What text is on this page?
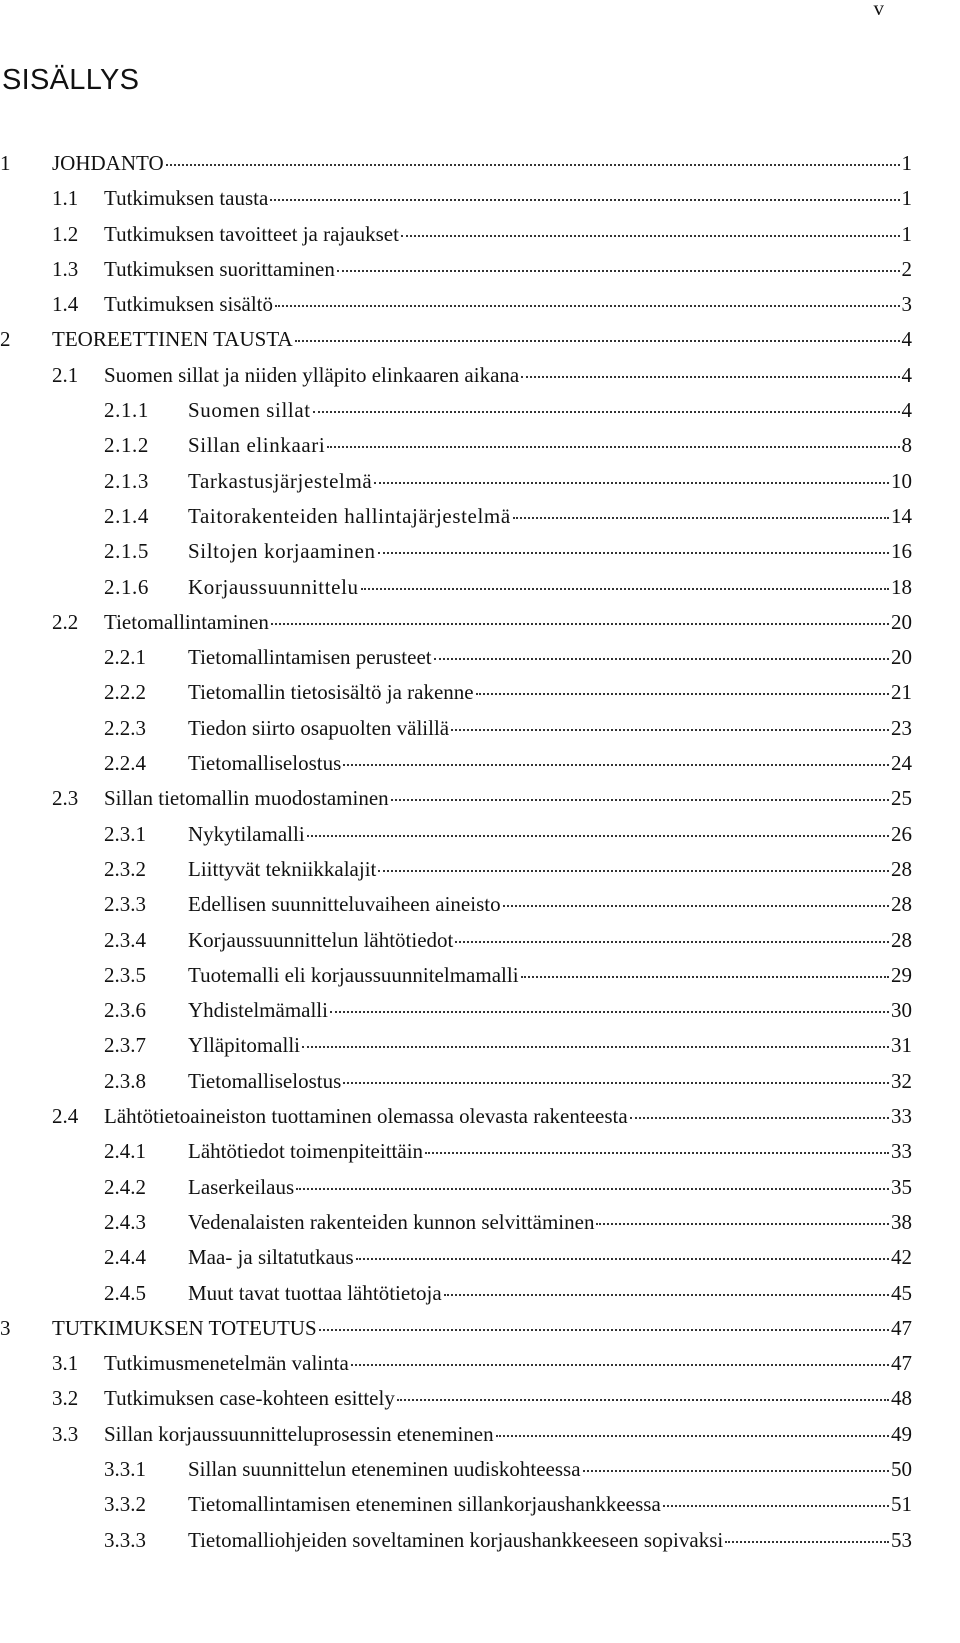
v
SISÄLLYS
1	JOHDANTO	1
1.1	Tutkimuksen tausta	1
1.2	Tutkimuksen tavoitteet ja rajaukset	1
1.3	Tutkimuksen suorittaminen	2
1.4	Tutkimuksen sisältö	3
2	TEOREETTINEN TAUSTA	4
2.1	Suomen sillat ja niiden ylläpito elinkaaren aikana	4
2.1.1	Suomen sillat	4
2.1.2	Sillan elinkaari	8
2.1.3	Tarkastusjärjestelmä	10
2.1.4	Taitorakenteiden hallintajärjestelmä	14
2.1.5	Siltojen korjaaminen	16
2.1.6	Korjaussuunnittelu	18
2.2	Tietomallintaminen	20
2.2.1	Tietomallintamisen perusteet	20
2.2.2	Tietomallin tietosisältö ja rakenne	21
2.2.3	Tiedon siirto osapuolten välillä	23
2.2.4	Tietomalliselostus	24
2.3	Sillan tietomallin muodostaminen	25
2.3.1	Nykytilamalli	26
2.3.2	Liittyvät tekniikkalajit	28
2.3.3	Edellisen suunnitteluvaiheen aineisto	28
2.3.4	Korjaussuunnittelun lähtötiedot	28
2.3.5	Tuotemalli eli korjaussuunnitelmamalli	29
2.3.6	Yhdistelmämalli	30
2.3.7	Ylläpitomalli	31
2.3.8	Tietomalliselostus	32
2.4	Lähtötietoaineiston tuottaminen olemassa olevasta rakenteesta	33
2.4.1	Lähtötiedot toimenpiteittäin	33
2.4.2	Laserkeilaus	35
2.4.3	Vedenalaisten rakenteiden kunnon selvittäminen	38
2.4.4	Maa- ja siltatutkaus	42
2.4.5	Muut tavat tuottaa lähtötietoja	45
3	TUTKIMUKSEN TOTEUTUS	47
3.1	Tutkimusmenetelmän valinta	47
3.2	Tutkimuksen case-kohteen esittely	48
3.3	Sillan korjaussuunnitteluprosessin eteneminen	49
3.3.1	Sillan suunnittelun eteneminen uudiskohteessa	50
3.3.2	Tietomallintamisen eteneminen sillankorjaushankkeessa	51
3.3.3	Tietomalliohjeiden soveltaminen korjaushankkeeseen sopivaksi	53
